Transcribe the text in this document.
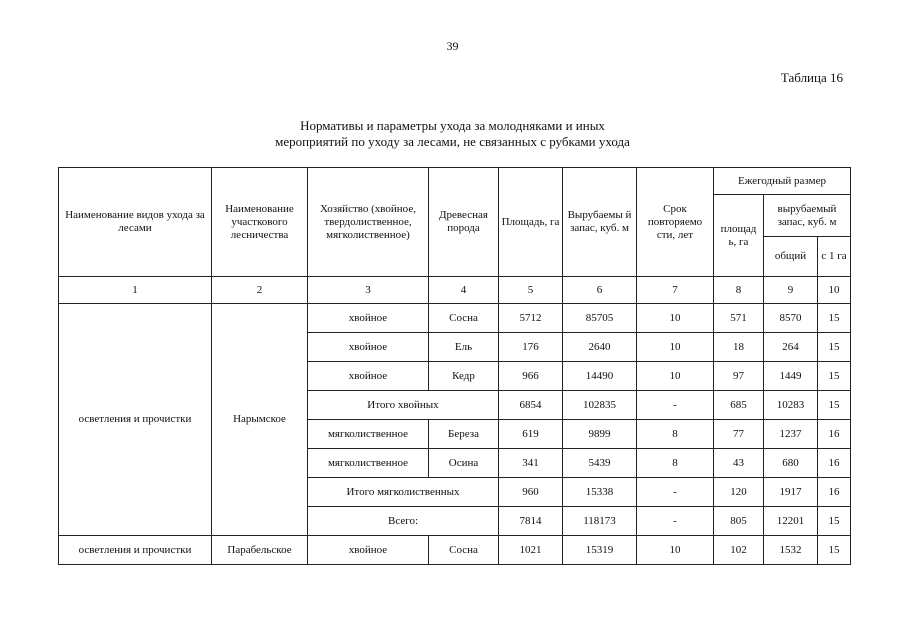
39
Таблица 16
Нормативы и параметры ухода за молодняками и иных
мероприятий по уходу за лесами, не связанных с рубками ухода
Наименование видов ухода за лесами	Наименование участкового лесничества	Хозяйство (хвойное, твердолиственное, мягколиственное)	Древесная порода	Площадь, га	Вырубаемы й запас, куб. м	Срок повторяемо сти, лет	Ежегодный размер		
							площад ь, га	вырубаемый запас, куб. м	
								общий	с 1 га
1	2	3	4	5	6	7	8	9	10
осветления и прочистки	Нарымское	хвойное	Сосна	5712	85705	10	571	8570	15
		хвойное	Ель	176	2640	10	18	264	15
		хвойное	Кедр	966	14490	10	97	1449	15
		Итого хвойных		6854	102835	-	685	10283	15
		мягколиственное	Береза	619	9899	8	77	1237	16
		мягколиственное	Осина	341	5439	8	43	680	16
		Итого мягколиственных		960	15338	-	120	1917	16
		Всего:		7814	118173	-	805	12201	15
осветления и прочистки	Парабельское	хвойное	Сосна	1021	15319	10	102	1532	15
